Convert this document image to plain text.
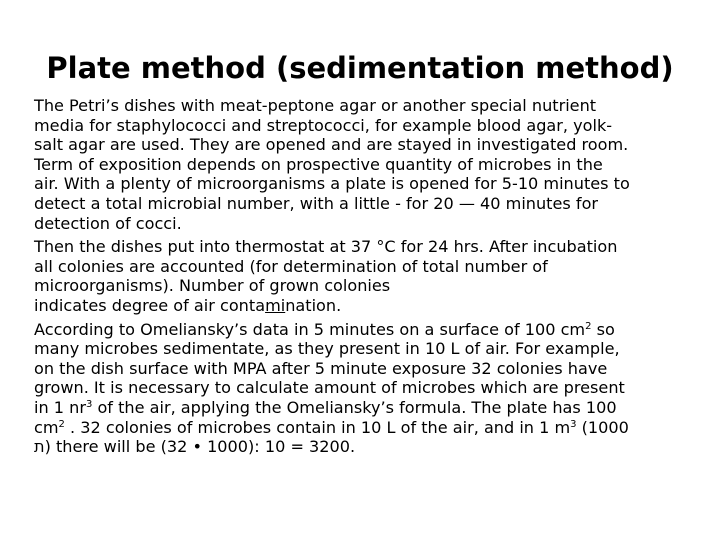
Plate method (sedimentation method)
The Petri’s dishes with meat-peptone agar or another special nutrient
media for staphylococci and streptococci, for example blood agar, yolk-
salt agar are used. They are opened and are stayed in investigated room.
Term of exposition depends on prospective quantity of microbes in the
air. With a plenty of microorganisms a plate is opened for 5-10 minutes to
detect a total microbial number, with a little - for 20 — 40 minutes for
detection of cocci.
Then the dishes put into thermostat at 37 °C for 24 hrs. After incubation
all colonies are accounted (for determination of total number of
microorganisms). Number of grown colonies
indicates degree of air contamination.
According to Omeliansky’s data in 5 minutes on a surface of 100 $cm^2$ so
many microbes sedimentate, as they present in 10 L of air. For example,
on the dish surface with MPA after 5 minute exposure 32 colonies have
grown. It is necessary to calculate amount of microbes which are present
in 1 $nr^3$ of the air, applying the Omeliansky’s formula. The plate has 100
$cm^2$ . 32 colonies of microbes contain in 10 L of the air, and in 1 $m^3$ (1000
ת) there will be (32 • 1000): 10 = 3200.
